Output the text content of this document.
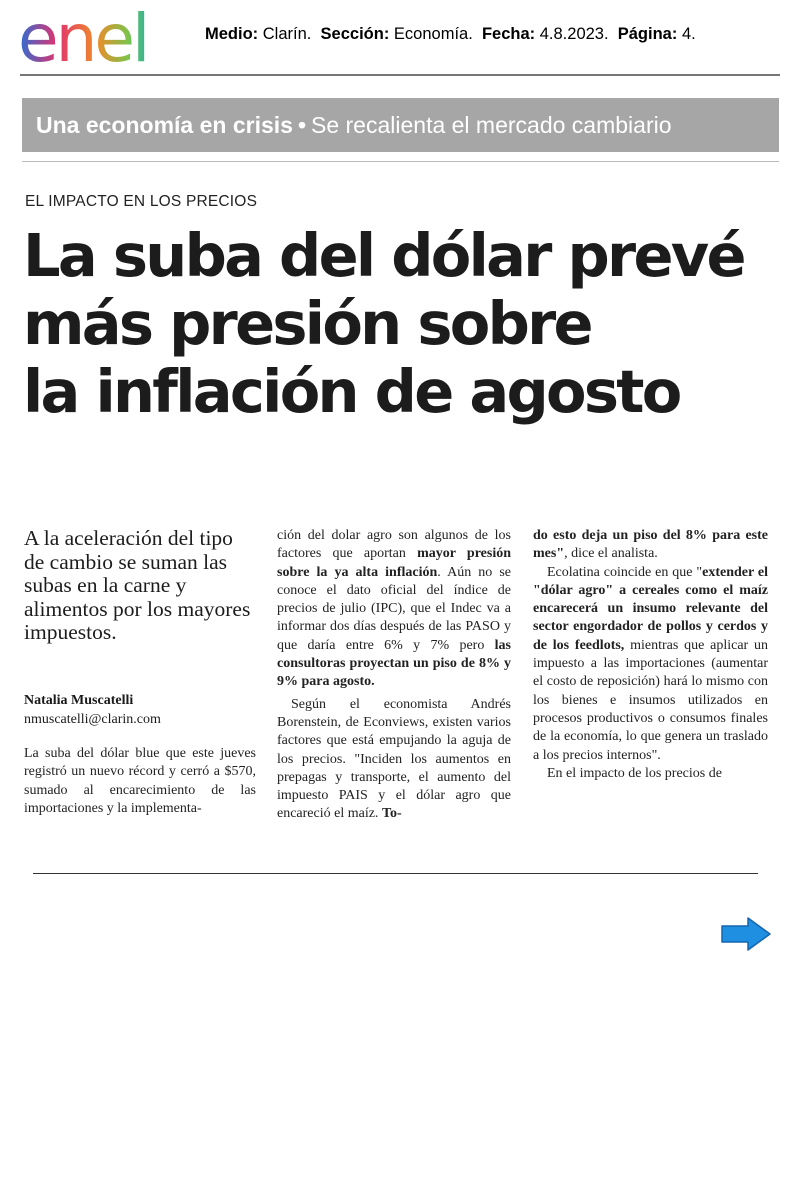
enel	Medio: Clarín. Sección: Economía. Fecha: 4.8.2023. Página: 4.
Una economía en crisis • Se recalienta el mercado cambiario
EL IMPACTO EN LOS PRECIOS
La suba del dólar prevé
más presión sobre
la inflación de agosto

A la aceleración del tipo de cambio se suman las subas en la carne y alimentos por los mayores impuestos.

Natalia Muscatelli
nmuscatelli@clarin.com

La suba del dólar blue que este jueves registró un nuevo récord y cerró a $570, sumado al encarecimiento de las importaciones y la implementa-

ción del dolar agro son algunos de los factores que aportan mayor presión sobre la ya alta inflación. Aún no se conoce el dato oficial del índice de precios de julio (IPC), que el Indec va a informar dos días después de las PASO y que daría entre 6% y 7% pero las consultoras proyectan un piso de 8% y 9% para agosto.

Según el economista Andrés Borenstein, de Econviews, existen varios factores que está empujando la aguja de los precios. "Inciden los aumentos en prepagas y transporte, el aumento del impuesto PAIS y el dólar agro que encareció el maíz. To-

do esto deja un piso del 8% para este mes", dice el analista.

Ecolatina coincide en que "extender el "dólar agro" a cereales como el maíz encarecerá un insumo relevante del sector engordador de pollos y cerdos y de los feedlots, mientras que aplicar un impuesto a las importaciones (aumentar el costo de reposición) hará lo mismo con los bienes e insumos utilizados en procesos productivos o consumos finales de la economía, lo que genera un traslado a los precios internos".

En el impacto de los precios de
